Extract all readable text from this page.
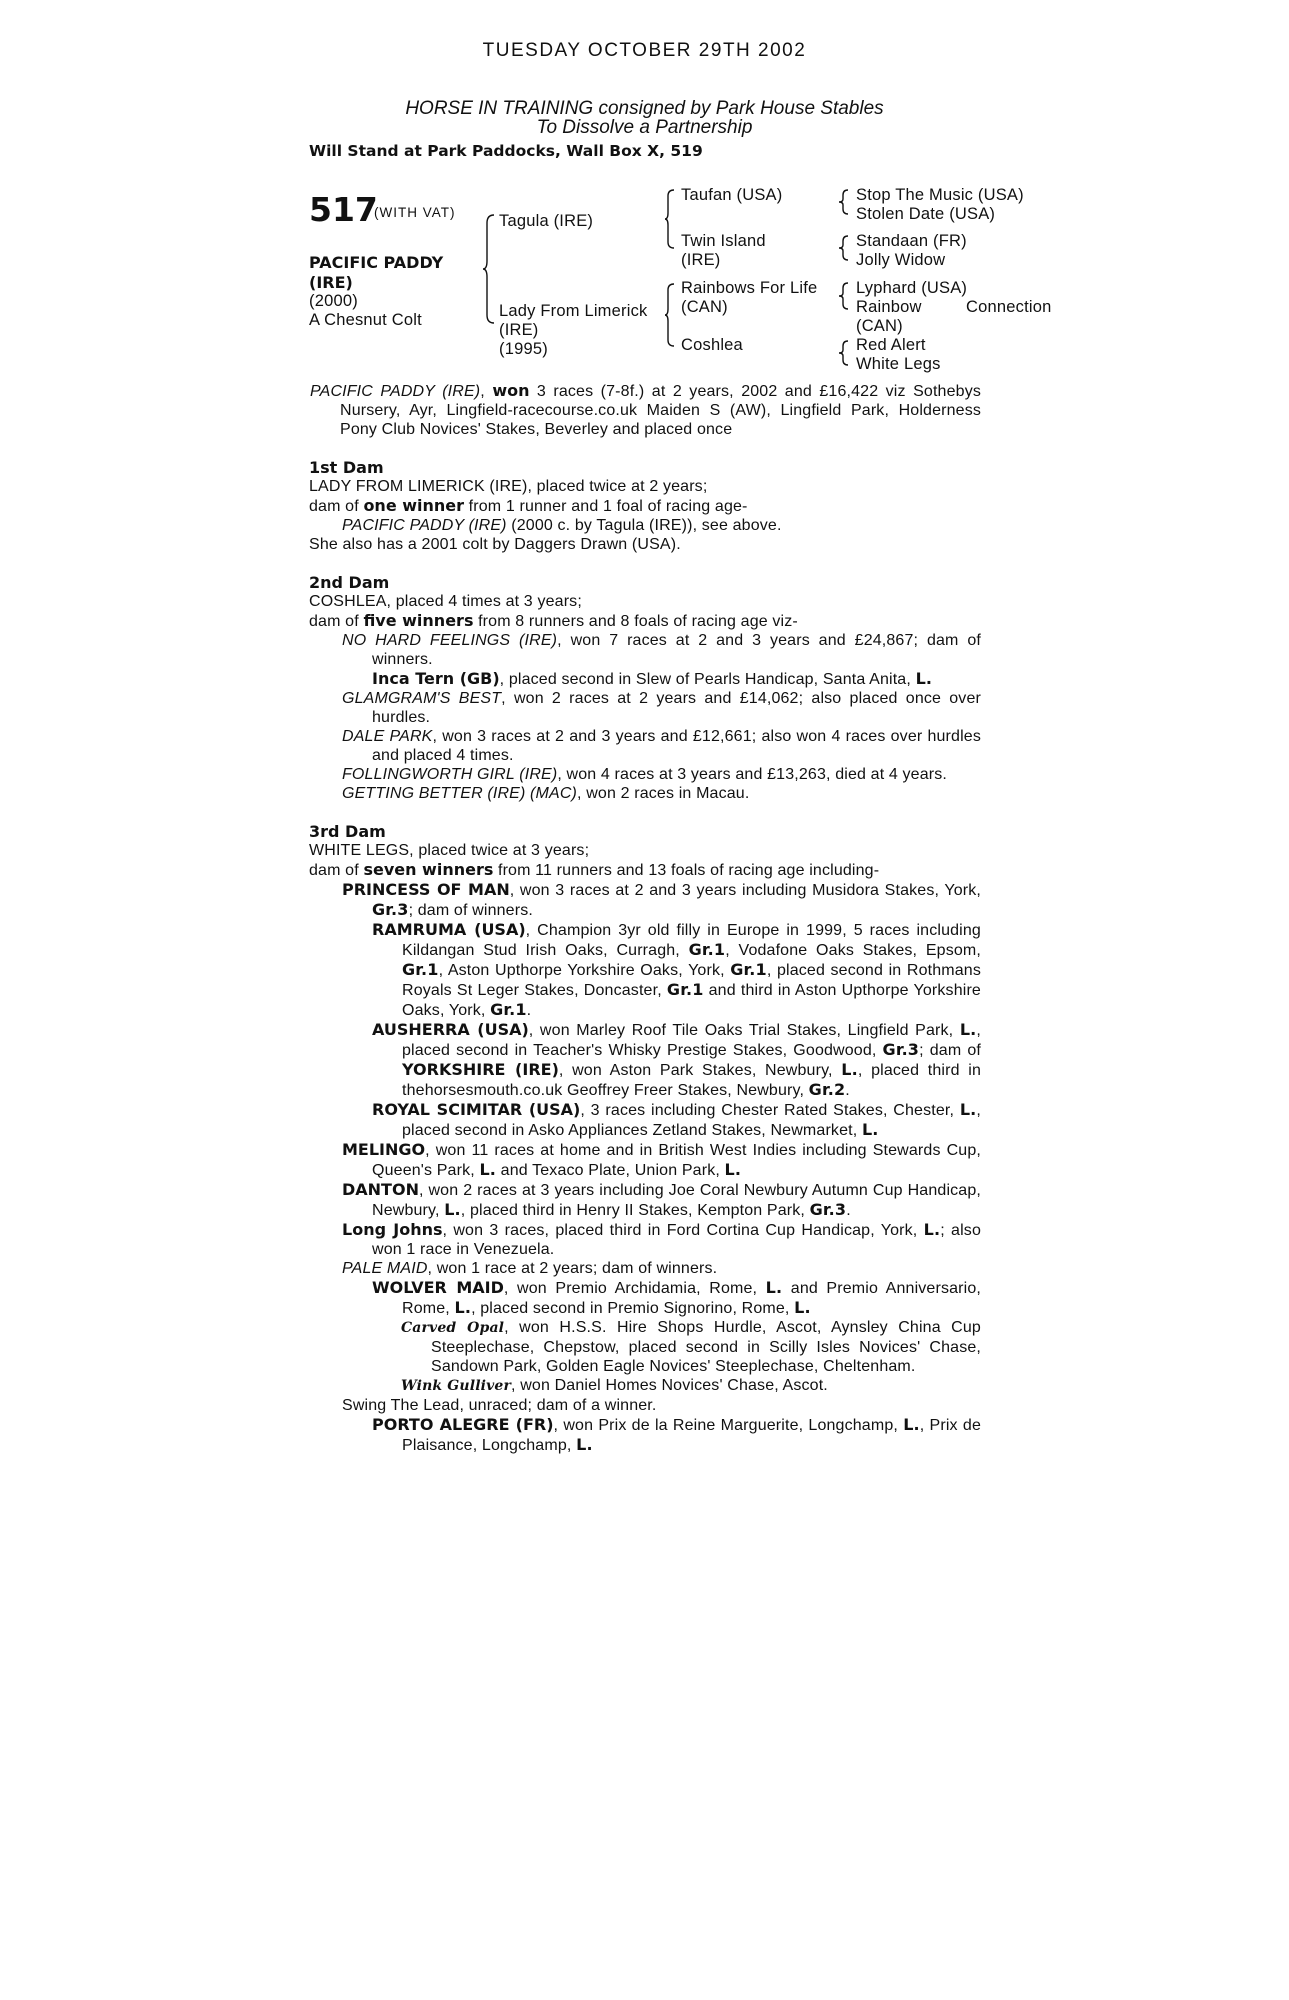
TUESDAY OCTOBER 29TH 2002
HORSE IN TRAINING consigned by Park House Stables
To Dissolve a Partnership
Will Stand at Park Paddocks, Wall Box X, 519
517
(WITH VAT)
PACIFIC PADDY
(IRE)
(2000)
A Chesnut Colt
Tagula (IRE)
Lady From Limerick
(IRE)
(1995)
Taufan (USA)
Twin Island
(IRE)
Rainbows For Life
(CAN)
Coshlea
Stop The Music (USA)
Stolen Date (USA)
Standaan (FR)
Jolly Widow
Lyphard (USA)
Rainbow	Connection
(CAN)
Red Alert
White Legs

PACIFIC PADDY (IRE), won 3 races (7-8f.) at 2 years, 2002 and £16,422 viz Sothebys Nursery, Ayr, Lingfield-racecourse.co.uk Maiden S (AW), Lingfield Park, Holderness Pony Club Novices' Stakes, Beverley and placed once

1st Dam

LADY FROM LIMERICK (IRE), placed twice at 2 years;

dam of one winner from 1 runner and 1 foal of racing age-

PACIFIC PADDY (IRE) (2000 c. by Tagula (IRE)), see above.

She also has a 2001 colt by Daggers Drawn (USA).

2nd Dam

COSHLEA, placed 4 times at 3 years;

dam of five winners from 8 runners and 8 foals of racing age viz-

NO HARD FEELINGS (IRE), won 7 races at 2 and 3 years and £24,867; dam of winners.

Inca Tern (GB), placed second in Slew of Pearls Handicap, Santa Anita, L.

GLAMGRAM'S BEST, won 2 races at 2 years and £14,062; also placed once over hurdles.

DALE PARK, won 3 races at 2 and 3 years and £12,661; also won 4 races over hurdles and placed 4 times.

FOLLINGWORTH GIRL (IRE), won 4 races at 3 years and £13,263, died at 4 years.

GETTING BETTER (IRE) (MAC), won 2 races in Macau.

3rd Dam

WHITE LEGS, placed twice at 3 years;

dam of seven winners from 11 runners and 13 foals of racing age including-

PRINCESS OF MAN, won 3 races at 2 and 3 years including Musidora Stakes, York, Gr.3; dam of winners.

RAMRUMA (USA), Champion 3yr old filly in Europe in 1999, 5 races including Kildangan Stud Irish Oaks, Curragh, Gr.1, Vodafone Oaks Stakes, Epsom, Gr.1, Aston Upthorpe Yorkshire Oaks, York, Gr.1, placed second in Rothmans Royals St Leger Stakes, Doncaster, Gr.1 and third in Aston Upthorpe Yorkshire Oaks, York, Gr.1.

AUSHERRA (USA), won Marley Roof Tile Oaks Trial Stakes, Lingfield Park, L., placed second in Teacher's Whisky Prestige Stakes, Goodwood, Gr.3; dam of YORKSHIRE (IRE), won Aston Park Stakes, Newbury, L., placed third in thehorsesmouth.co.uk Geoffrey Freer Stakes, Newbury, Gr.2.

ROYAL SCIMITAR (USA), 3 races including Chester Rated Stakes, Chester, L., placed second in Asko Appliances Zetland Stakes, Newmarket, L.

MELINGO, won 11 races at home and in British West Indies including Stewards Cup, Queen's Park, L. and Texaco Plate, Union Park, L.

DANTON, won 2 races at 3 years including Joe Coral Newbury Autumn Cup Handicap, Newbury, L., placed third in Henry II Stakes, Kempton Park, Gr.3.

Long Johns, won 3 races, placed third in Ford Cortina Cup Handicap, York, L.; also won 1 race in Venezuela.

PALE MAID, won 1 race at 2 years; dam of winners.

WOLVER MAID, won Premio Archidamia, Rome, L. and Premio Anniversario, Rome, L., placed second in Premio Signorino, Rome, L.

Carved Opal, won H.S.S. Hire Shops Hurdle, Ascot, Aynsley China Cup Steeplechase, Chepstow, placed second in Scilly Isles Novices' Chase, Sandown Park, Golden Eagle Novices' Steeplechase, Cheltenham.

Wink Gulliver, won Daniel Homes Novices' Chase, Ascot.

Swing The Lead, unraced; dam of a winner.

PORTO ALEGRE (FR), won Prix de la Reine Marguerite, Longchamp, L., Prix de Plaisance, Longchamp, L.
